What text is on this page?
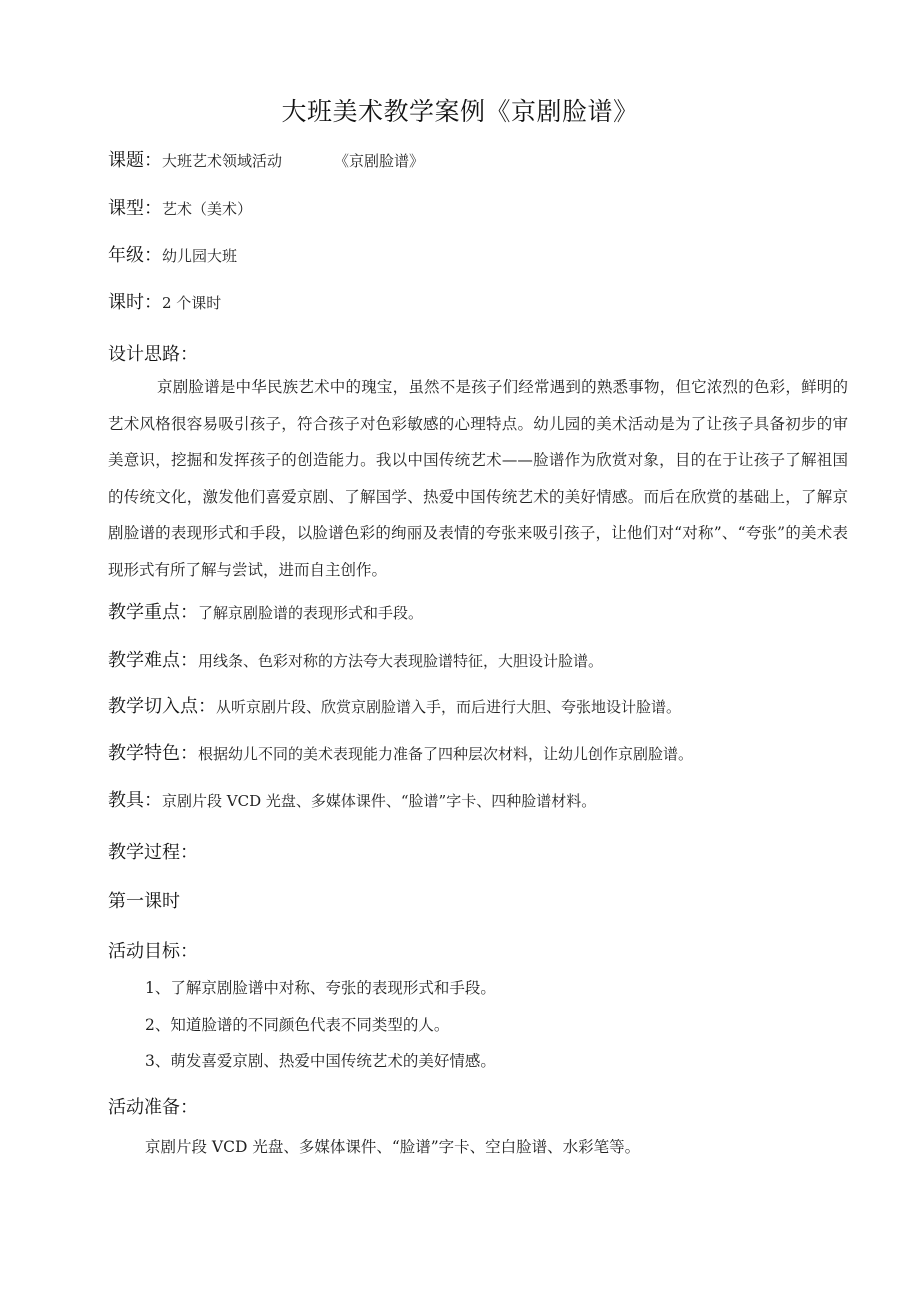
大班美术教学案例《京剧脸谱》
课题：大班艺术领域活动	《京剧脸谱》
课型：艺术（美术）
年级：幼儿园大班
课时：2 个课时
设计思路：
京剧脸谱是中华民族艺术中的瑰宝，虽然不是孩子们经常遇到的熟悉事物，但它浓烈的色彩，鲜明的艺术风格很容易吸引孩子，符合孩子对色彩敏感的心理特点。幼儿园的美术活动是为了让孩子具备初步的审美意识，挖掘和发挥孩子的创造能力。我以中国传统艺术——脸谱作为欣赏对象，目的在于让孩子了解祖国的传统文化，激发他们喜爱京剧、了解国学、热爱中国传统艺术的美好情感。而后在欣赏的基础上，了解京剧脸谱的表现形式和手段，以脸谱色彩的绚丽及表情的夸张来吸引孩子，让他们对“对称”、“夸张”的美术表现形式有所了解与尝试，进而自主创作。
教学重点：了解京剧脸谱的表现形式和手段。
教学难点：用线条、色彩对称的方法夸大表现脸谱特征，大胆设计脸谱。
教学切入点：从听京剧片段、欣赏京剧脸谱入手，而后进行大胆、夸张地设计脸谱。
教学特色：根据幼儿不同的美术表现能力准备了四种层次材料，让幼儿创作京剧脸谱。
教具：京剧片段 VCD 光盘、多媒体课件、“脸谱”字卡、四种脸谱材料。
教学过程：
第一课时
活动目标：
1、了解京剧脸谱中对称、夸张的表现形式和手段。
2、知道脸谱的不同颜色代表不同类型的人。
3、萌发喜爱京剧、热爱中国传统艺术的美好情感。
活动准备：
京剧片段 VCD 光盘、多媒体课件、“脸谱”字卡、空白脸谱、水彩笔等。
